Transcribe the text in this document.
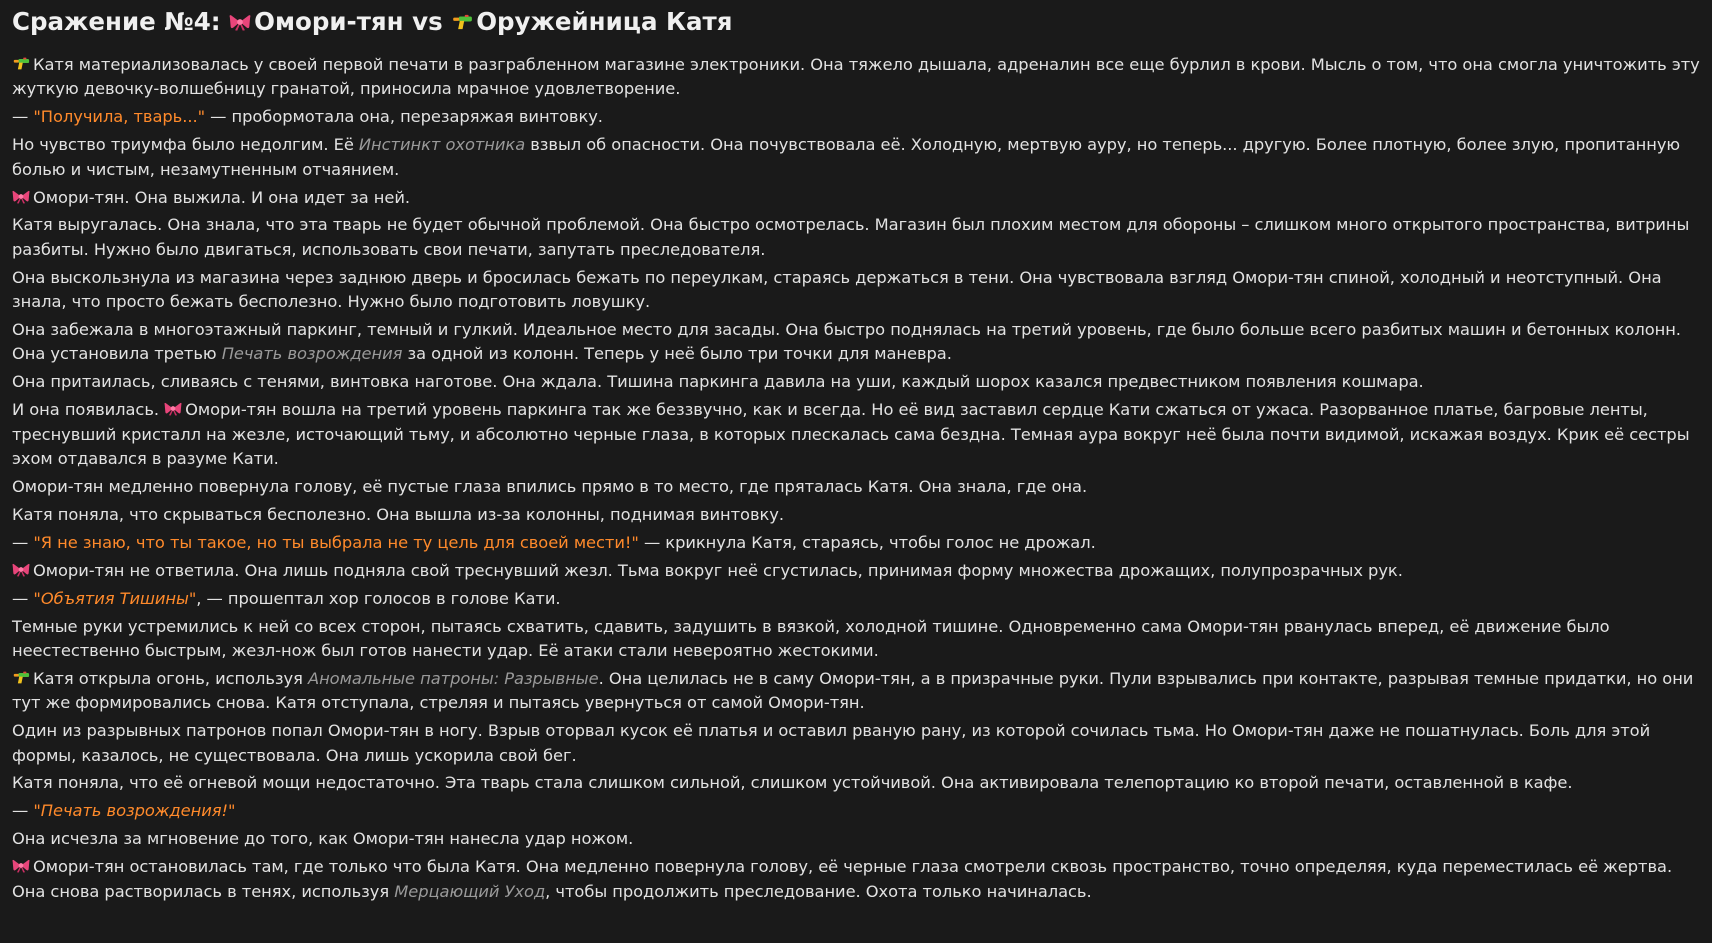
Сражение №4:
Омори-тян vs
Оружейница Катя

Катя материализовалась у своей первой печати в разграбленном магазине электроники. Она тяжело дышала, адреналин все еще бурлил в крови. Мысль о том, что она смогла уничтожить эту жуткую девочку-волшебницу гранатой, приносила мрачное удовлетворение.

— "Получила, тварь..." — пробормотала она, перезаряжая винтовку.

Но чувство триумфа было недолгим. Её Инстинкт охотника взвыл об опасности. Она почувствовала её. Холодную, мертвую ауру, но теперь... другую. Более плотную, более злую, пропитанную болью и чистым, незамутненным отчаянием.

Омори-тян. Она выжила. И она идет за ней.

Катя выругалась. Она знала, что эта тварь не будет обычной проблемой. Она быстро осмотрелась. Магазин был плохим местом для обороны – слишком много открытого пространства, витрины разбиты. Нужно было двигаться, использовать свои печати, запутать преследователя.

Она выскользнула из магазина через заднюю дверь и бросилась бежать по переулкам, стараясь держаться в тени. Она чувствовала взгляд Омори-тян спиной, холодный и неотступный. Она знала, что просто бежать бесполезно. Нужно было подготовить ловушку.

Она забежала в многоэтажный паркинг, темный и гулкий. Идеальное место для засады. Она быстро поднялась на третий уровень, где было больше всего разбитых машин и бетонных колонн. Она установила третью Печать возрождения за одной из колонн. Теперь у неё было три точки для маневра.

Она притаилась, сливаясь с тенями, винтовка наготове. Она ждала. Тишина паркинга давила на уши, каждый шорох казался предвестником появления кошмара.

И она появилась.
Омори-тян вошла на третий уровень паркинга так же беззвучно, как и всегда. Но её вид заставил сердце Кати сжаться от ужаса. Разорванное платье, багровые ленты, треснувший кристалл на жезле, источающий тьму, и абсолютно черные глаза, в которых плескалась сама бездна. Темная аура вокруг неё была почти видимой, искажая воздух. Крик её сестры эхом отдавался в разуме Кати.

Омори-тян медленно повернула голову, её пустые глаза впились прямо в то место, где пряталась Катя. Она знала, где она.

Катя поняла, что скрываться бесполезно. Она вышла из-за колонны, поднимая винтовку.

— "Я не знаю, что ты такое, но ты выбрала не ту цель для своей мести!" — крикнула Катя, стараясь, чтобы голос не дрожал.

Омори-тян не ответила. Она лишь подняла свой треснувший жезл. Тьма вокруг неё сгустилась, принимая форму множества дрожащих, полупрозрачных рук.

— "Объятия Тишины", — прошептал хор голосов в голове Кати.

Темные руки устремились к ней со всех сторон, пытаясь схватить, сдавить, задушить в вязкой, холодной тишине. Одновременно сама Омори-тян рванулась вперед, её движение было неестественно быстрым, жезл-нож был готов нанести удар. Её атаки стали невероятно жестокими.

Катя открыла огонь, используя Аномальные патроны: Разрывные. Она целилась не в саму Омори-тян, а в призрачные руки. Пули взрывались при контакте, разрывая темные придатки, но они тут же формировались снова. Катя отступала, стреляя и пытаясь увернуться от самой Омори-тян.

Один из разрывных патронов попал Омори-тян в ногу. Взрыв оторвал кусок её платья и оставил рваную рану, из которой сочилась тьма. Но Омори-тян даже не пошатнулась. Боль для этой формы, казалось, не существовала. Она лишь ускорила свой бег.

Катя поняла, что её огневой мощи недостаточно. Эта тварь стала слишком сильной, слишком устойчивой. Она активировала телепортацию ко второй печати, оставленной в кафе.

— "Печать возрождения!"

Она исчезла за мгновение до того, как Омори-тян нанесла удар ножом.

Омори-тян остановилась там, где только что была Катя. Она медленно повернула голову, её черные глаза смотрели сквозь пространство, точно определяя, куда переместилась её жертва. Она снова растворилась в тенях, используя Мерцающий Уход, чтобы продолжить преследование. Охота только начиналась.
